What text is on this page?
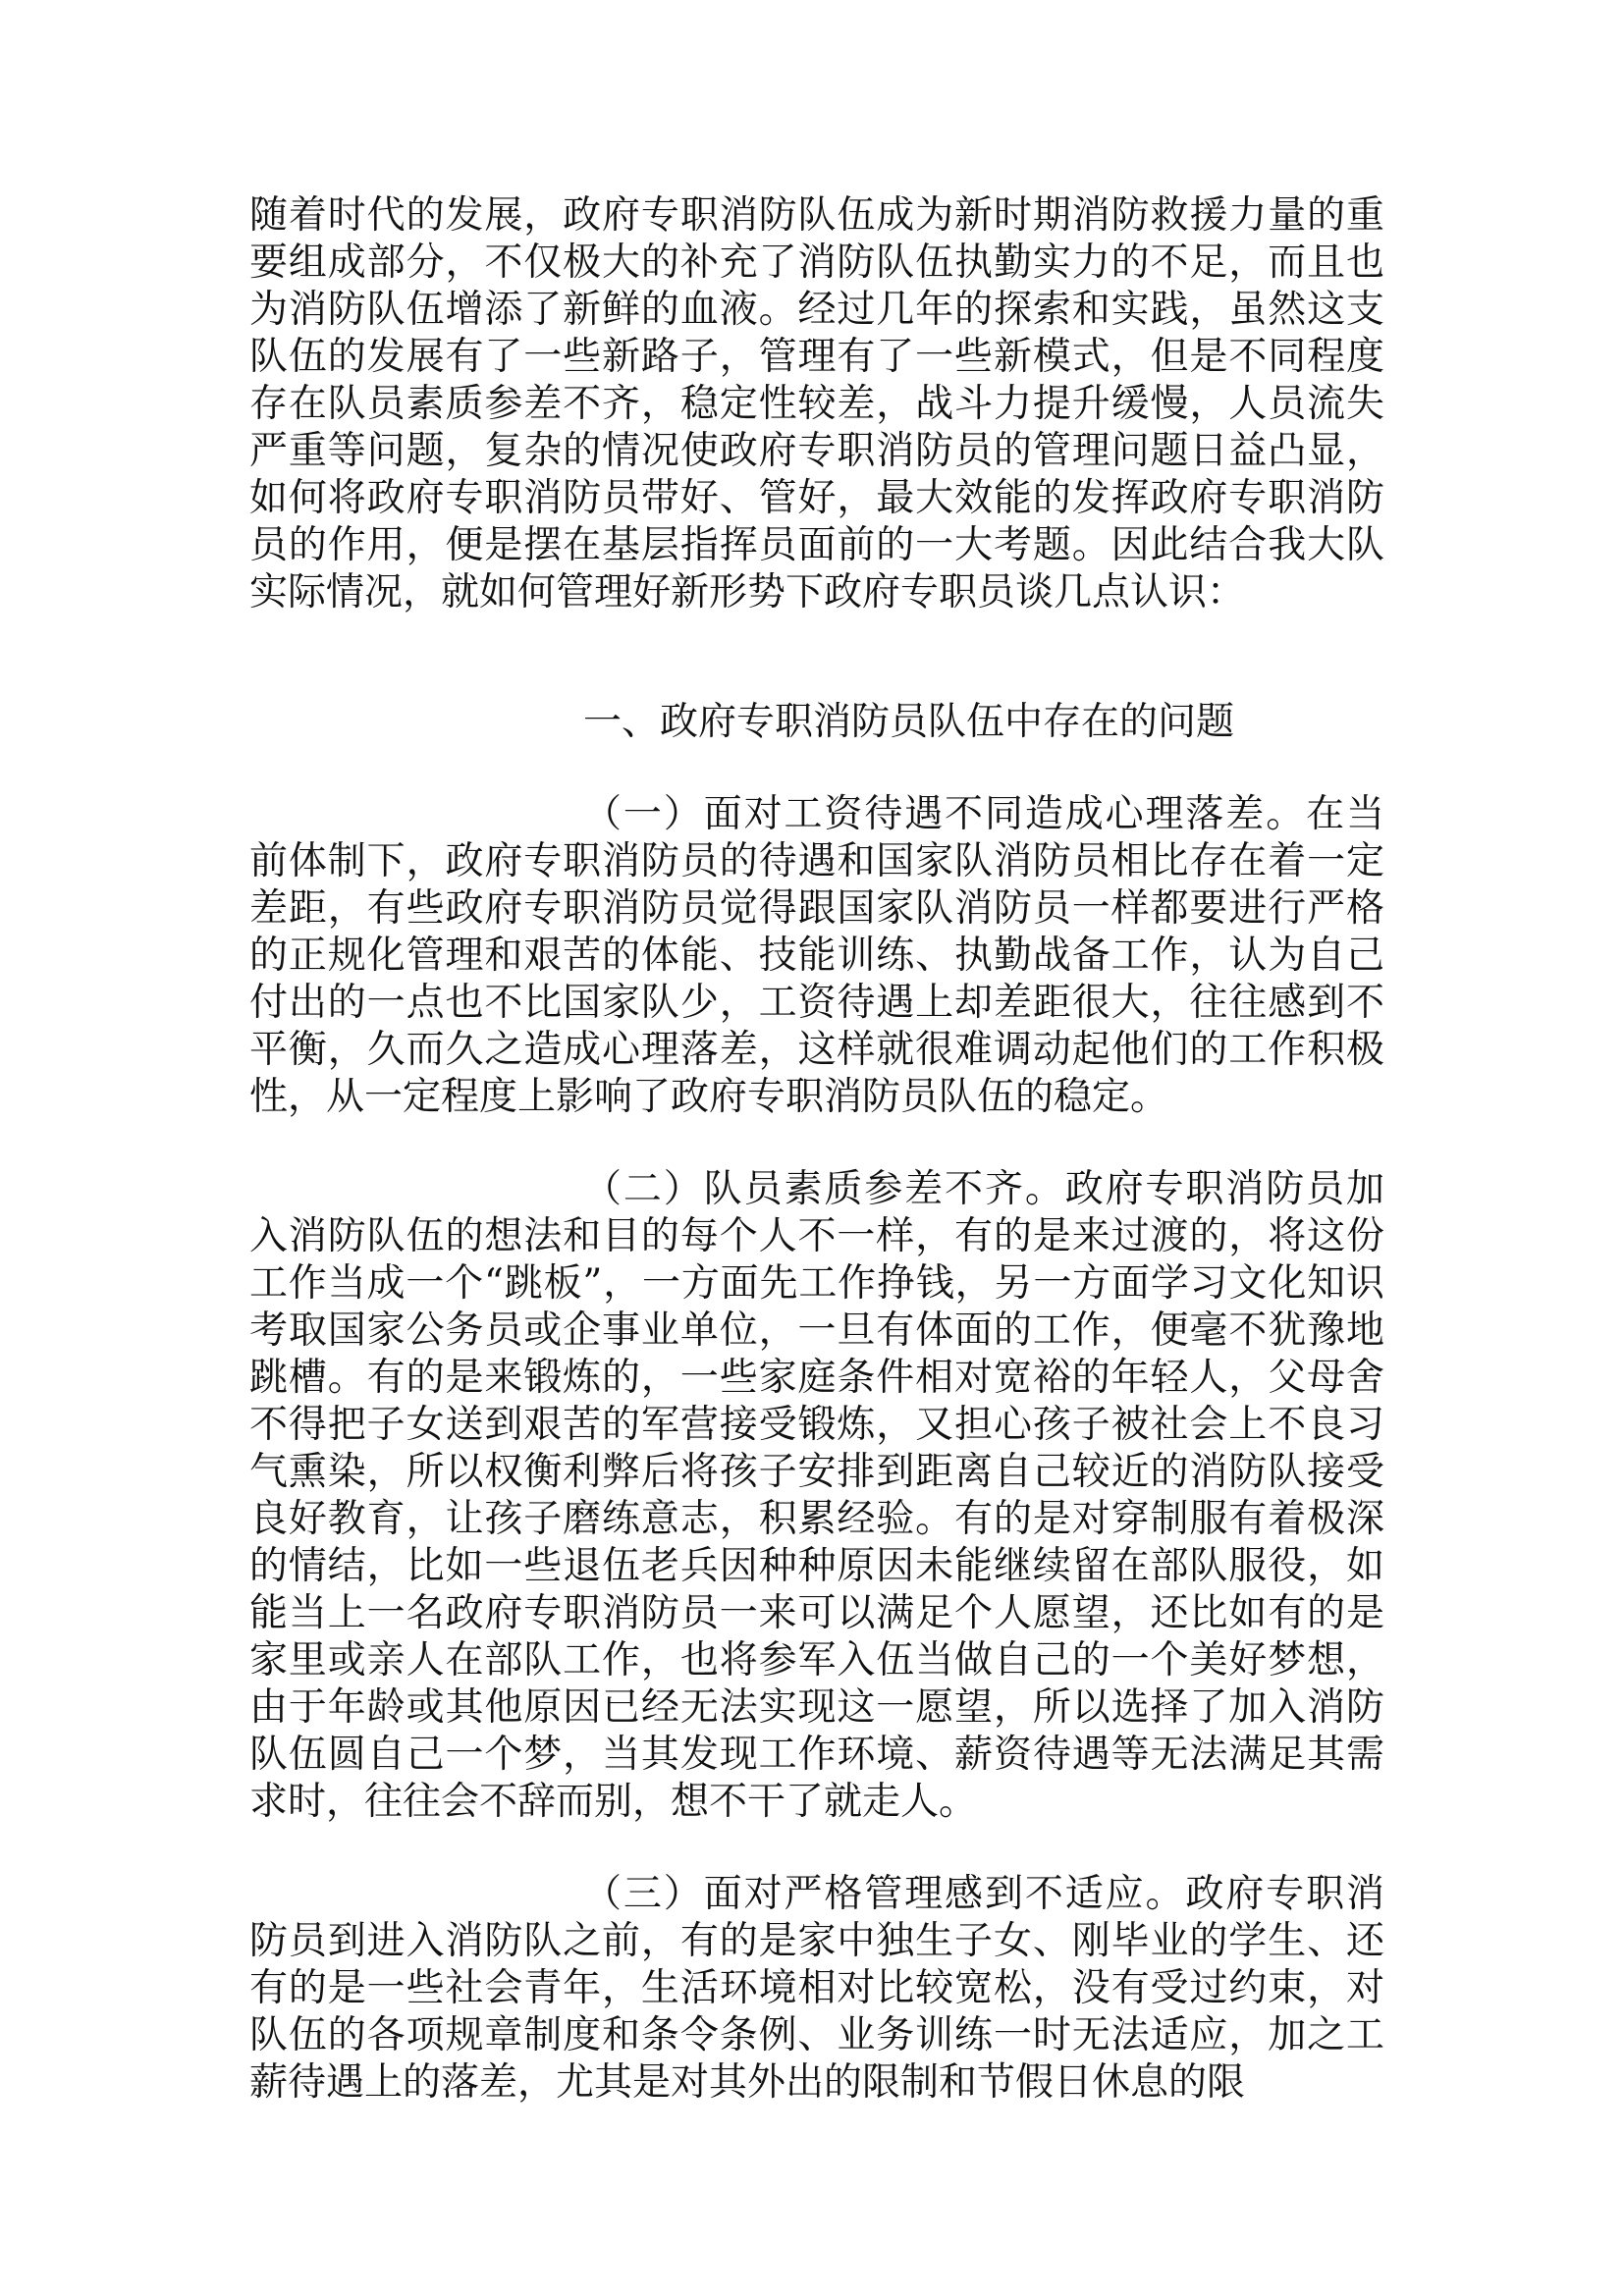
随着时代的发展，政府专职消防队伍成为新时期消防救援力量的重要组成部分，不仅极大的补充了消防队伍执勤实力的不足，而且也为消防队伍增添了新鲜的血液。经过几年的探索和实践，虽然这支队伍的发展有了一些新路子，管理有了一些新模式，但是不同程度存在队员素质参差不齐，稳定性较差，战斗力提升缓慢，人员流失严重等问题，复杂的情况使政府专职消防员的管理问题日益凸显，如何将政府专职消防员带好、管好，最大效能的发挥政府专职消防员的作用，便是摆在基层指挥员面前的一大考题。因此结合我大队实际情况，就如何管理好新形势下政府专职员谈几点认识：

一、政府专职消防员队伍中存在的问题

（一）面对工资待遇不同造成心理落差。在当前体制下，政府专职消防员的待遇和国家队消防员相比存在着一定差距，有些政府专职消防员觉得跟国家队消防员一样都要进行严格的正规化管理和艰苦的体能、技能训练、执勤战备工作，认为自己付出的一点也不比国家队少，工资待遇上却差距很大，往往感到不平衡，久而久之造成心理落差，这样就很难调动起他们的工作积极性，从一定程度上影响了政府专职消防员队伍的稳定。

（二）队员素质参差不齐。政府专职消防员加入消防队伍的想法和目的每个人不一样，有的是来过渡的，将这份工作当成一个“跳板”，一方面先工作挣钱，另一方面学习文化知识考取国家公务员或企事业单位，一旦有体面的工作，便毫不犹豫地跳槽。有的是来锻炼的，一些家庭条件相对宽裕的年轻人，父母舍不得把子女送到艰苦的军营接受锻炼，又担心孩子被社会上不良习气熏染，所以权衡利弊后将孩子安排到距离自己较近的消防队接受良好教育，让孩子磨练意志，积累经验。有的是对穿制服有着极深的情结，比如一些退伍老兵因种种原因未能继续留在部队服役，如能当上一名政府专职消防员一来可以满足个人愿望，还比如有的是家里或亲人在部队工作，也将参军入伍当做自己的一个美好梦想，由于年龄或其他原因已经无法实现这一愿望，所以选择了加入消防队伍圆自己一个梦，当其发现工作环境、薪资待遇等无法满足其需求时，往往会不辞而别，想不干了就走人。

（三）面对严格管理感到不适应。政府专职消防员到进入消防队之前，有的是家中独生子女、刚毕业的学生、还有的是一些社会青年，生活环境相对比较宽松，没有受过约束，对队伍的各项规章制度和条令条例、业务训练一时无法适应，加之工薪待遇上的落差，尤其是对其外出的限制和节假日休息的限
